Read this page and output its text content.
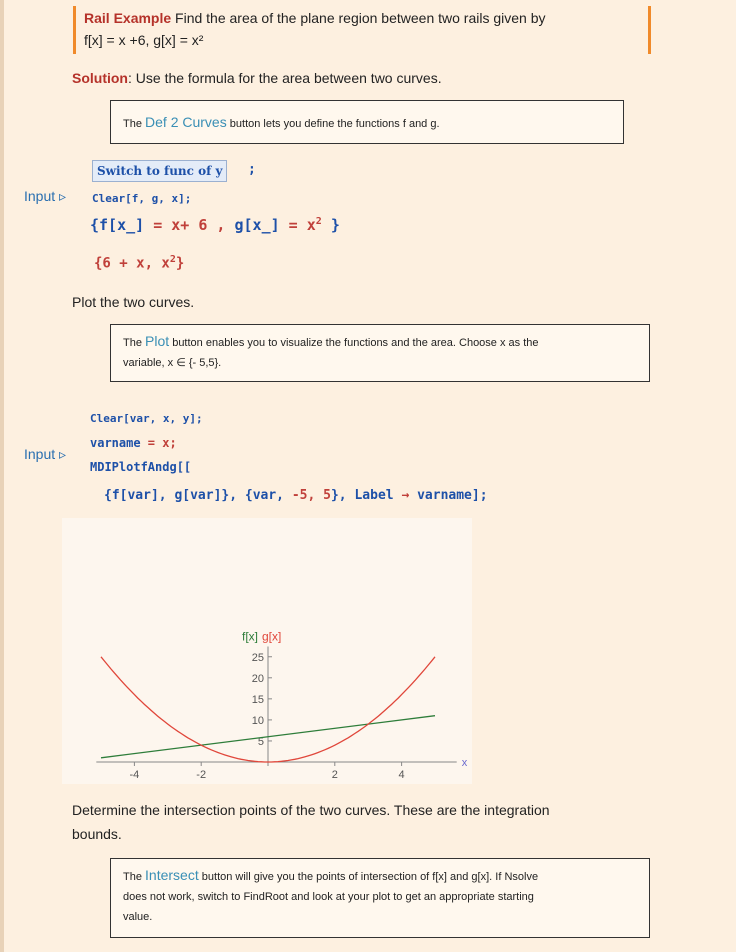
Rail Example Find the area of the plane region between two rails given by
f[x] = x +6, g[x] = x²
Solution: Use the formula for the area between two curves.
The Def 2 Curves button lets you define the functions f and g.
Switch to func of y	;
Input ▹ Clear[f, g, x];
{f[x_] = x+ 6 , g[x_] = $x^2$ }
{6 + x, $x^2$}
Plot the two curves.
The Plot button enables you to visualize the functions and the area. Choose x as the
variable, x ∈ {- 5,5}.
Clear[var, x, y];
Input ▹
varname = x;
MDIPlotfAndg[[
{f[var], g[var]}, {var, -5, 5}, Label → varname];
-4	-2	2	4
5
10
15
20
25
f[x] g[x]
x
Determine the intersection points of the two curves. These are the integration
bounds.
The Intersect button will give you the points of intersection of f[x] and g[x]. If Nsolve
does not work, switch to FindRoot and look at your plot to get an appropriate starting
value.
